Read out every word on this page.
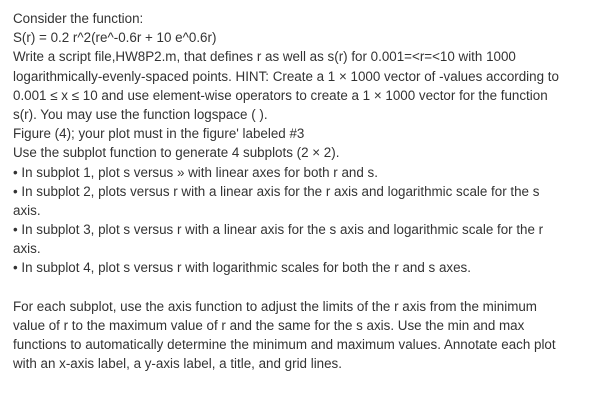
Consider the function:
S(r) = 0.2 r^2(re^-0.6r + 10 e^0.6r)
Write a script file,HW8P2.m, that defines r as well as s(r) for 0.001=<r=<10 with 1000
logarithmically-evenly-spaced points. HINT: Create a 1 × 1000 vector of -values according to
0.001 ≤ x ≤ 10 and use element-wise operators to create a 1 × 1000 vector for the function
s(r). You may use the function logspace ( ).
Figure (4); your plot must in the figure' labeled #3
Use the subplot function to generate 4 subplots (2 × 2).
• In subplot 1, plot s versus » with linear axes for both r and s.
• In subplot 2, plots versus r with a linear axis for the r axis and logarithmic scale for the s
axis.
• In subplot 3, plot s versus r with a linear axis for the s axis and logarithmic scale for the r
axis.
• In subplot 4, plot s versus r with logarithmic scales for both the r and s axes.
For each subplot, use the axis function to adjust the limits of the r axis from the minimum
value of r to the maximum value of r and the same for the s axis. Use the min and max
functions to automatically determine the minimum and maximum values. Annotate each plot
with an x-axis label, a y-axis label, a title, and grid lines.
